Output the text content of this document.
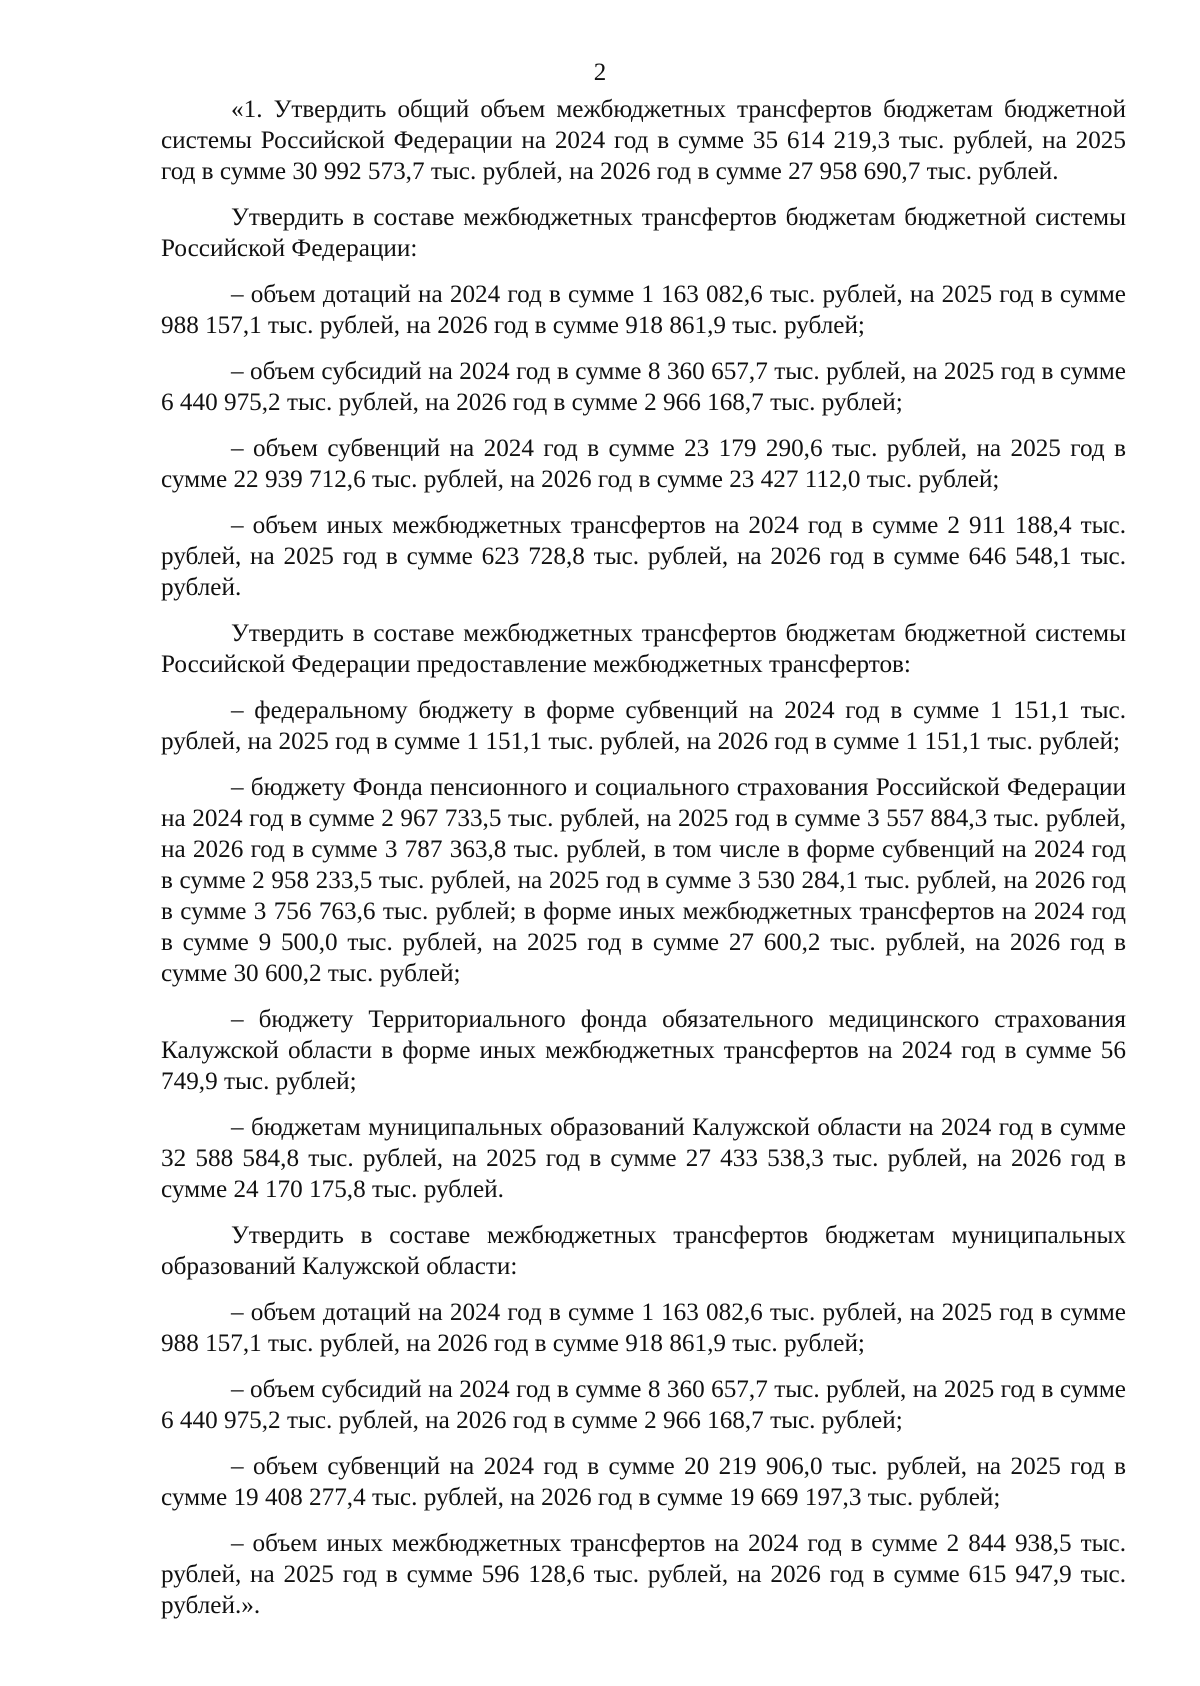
2

«1. Утвердить общий объем межбюджетных трансфертов бюджетам бюджетной системы Российской Федерации на 2024 год в сумме 35 614 219,3 тыс. рублей, на 2025 год в сумме 30 992 573,7 тыс. рублей, на 2026 год в сумме 27 958 690,7 тыс. рублей.

Утвердить в составе межбюджетных трансфертов бюджетам бюджетной системы Российской Федерации:

– объем дотаций на 2024 год в сумме 1 163 082,6 тыс. рублей, на 2025 год в сумме 988 157,1 тыс. рублей, на 2026 год в сумме 918 861,9 тыс. рублей;

– объем субсидий на 2024 год в сумме 8 360 657,7 тыс. рублей, на 2025 год в сумме 6 440 975,2 тыс. рублей, на 2026 год в сумме 2 966 168,7 тыс. рублей;

– объем субвенций на 2024 год в сумме 23 179 290,6 тыс. рублей, на 2025 год в сумме 22 939 712,6 тыс. рублей, на 2026 год в сумме 23 427 112,0 тыс. рублей;

– объем иных межбюджетных трансфертов на 2024 год в сумме 2 911 188,4 тыс. рублей, на 2025 год в сумме 623 728,8 тыс. рублей, на 2026 год в сумме 646 548,1 тыс. рублей.

Утвердить в составе межбюджетных трансфертов бюджетам бюджетной системы Российской Федерации предоставление межбюджетных трансфертов:

– федеральному бюджету в форме субвенций на 2024 год в сумме 1 151,1 тыс. рублей, на 2025 год в сумме 1 151,1 тыс. рублей, на 2026 год в сумме 1 151,1 тыс. рублей;

– бюджету Фонда пенсионного и социального страхования Российской Федерации на 2024 год в сумме 2 967 733,5 тыс. рублей, на 2025 год в сумме 3 557 884,3 тыс. рублей, на 2026 год в сумме 3 787 363,8 тыс. рублей, в том числе в форме субвенций на 2024 год в сумме 2 958 233,5 тыс. рублей, на 2025 год в сумме 3 530 284,1 тыс. рублей, на 2026 год в сумме 3 756 763,6 тыс. рублей; в форме иных межбюджетных трансфертов на 2024 год в сумме 9 500,0 тыс. рублей, на 2025 год в сумме 27 600,2 тыс. рублей, на 2026 год в сумме 30 600,2 тыс. рублей;

– бюджету Территориального фонда обязательного медицинского страхования Калужской области в форме иных межбюджетных трансфертов на 2024 год в сумме 56 749,9 тыс. рублей;

– бюджетам муниципальных образований Калужской области на 2024 год в сумме 32 588 584,8 тыс. рублей, на 2025 год в сумме 27 433 538,3 тыс. рублей, на 2026 год в сумме 24 170 175,8 тыс. рублей.

Утвердить в составе межбюджетных трансфертов бюджетам муниципальных образований Калужской области:

– объем дотаций на 2024 год в сумме 1 163 082,6 тыс. рублей, на 2025 год в сумме 988 157,1 тыс. рублей, на 2026 год в сумме 918 861,9 тыс. рублей;

– объем субсидий на 2024 год в сумме 8 360 657,7 тыс. рублей, на 2025 год в сумме 6 440 975,2 тыс. рублей, на 2026 год в сумме 2 966 168,7 тыс. рублей;

– объем субвенций на 2024 год в сумме 20 219 906,0 тыс. рублей, на 2025 год в сумме 19 408 277,4 тыс. рублей, на 2026 год в сумме 19 669 197,3 тыс. рублей;

– объем иных межбюджетных трансфертов на 2024 год в сумме 2 844 938,5 тыс. рублей, на 2025 год в сумме 596 128,6 тыс. рублей, на 2026 год в сумме 615 947,9 тыс. рублей.».
